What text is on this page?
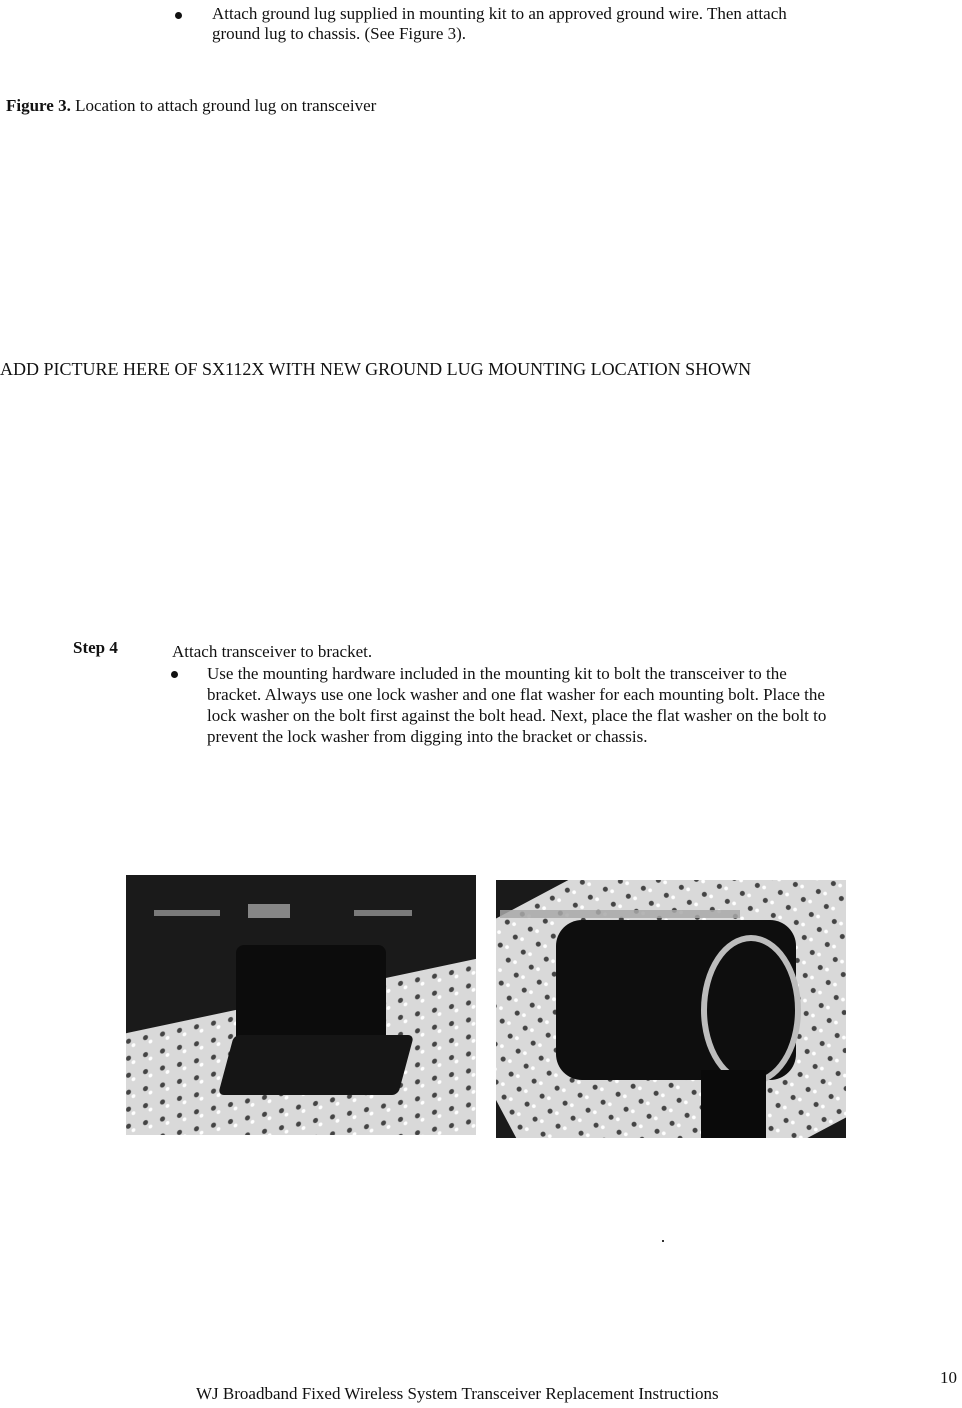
Attach ground lug supplied in mounting kit to an approved ground wire. Then attach
ground lug to chassis. (See Figure 3).
Figure 3. Location to attach ground lug on transceiver
ADD PICTURE HERE OF SX112X WITH NEW GROUND LUG MOUNTING LOCATION SHOWN
Step 4	Attach transceiver to bracket.
Use the mounting hardware included in the mounting kit to bolt the transceiver to the
bracket. Always use one lock washer and one flat washer for each mounting bolt. Place the
lock washer on the bolt first against the bolt head. Next, place the flat washer on the bolt to
prevent the lock washer from digging into the bracket or chassis.
WJ Broadband Fixed Wireless System Transceiver Replacement Instructions
10
